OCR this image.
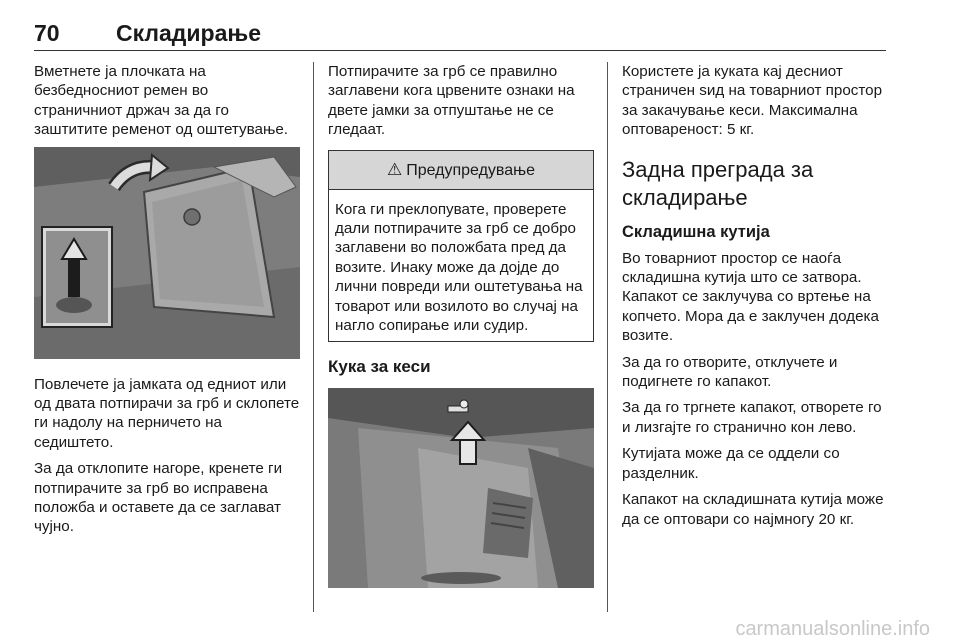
70 Складирање

Вметнете ја плочката на безбедносниот ремен во страничниот држач за да го заштитите ременот од оштетување.

Повлечете ја јамката од едниот или од двата потпирачи за грб и склопете ги надолу на перничето на седиштето.

За да отклопите нагоре, кренете ги потпирачите за грб во исправена положба и оставете да се заглават чујно.

Потпирачите за грб се правилно заглавени кога црвените ознаки на двете јамки за отпуштање не се гледаат.

⚠ Предупредување

Кога ги преклопувате, проверете дали потпирачите за грб се добро заглавени во положбата пред да возите. Инаку може да дојде до лични повреди или оштетувања на товарот или возилото во случај на нагло сопирање или судир.

Кука за кеси

Користете ја куката кај десниот страничен ѕид на товарниот простор за закачување кеси. Максимална оптовареност: 5 кг.

Задна преграда за складирање
Складишна кутија

Во товарниот простор се наоѓа складишна кутија што се затвора. Капакот се заклучува со вртење на копчето. Мора да е заклучен додека возите.

За да го отворите, отклучете и подигнете го капакот.

За да го тргнете капакот, отворете го и лизгајте го странично кон лево.

Кутијата може да се оддели со разделник.

Капакот на складишната кутија може да се оптовари со најмногу 20 кг.

carmanualsonline.info
